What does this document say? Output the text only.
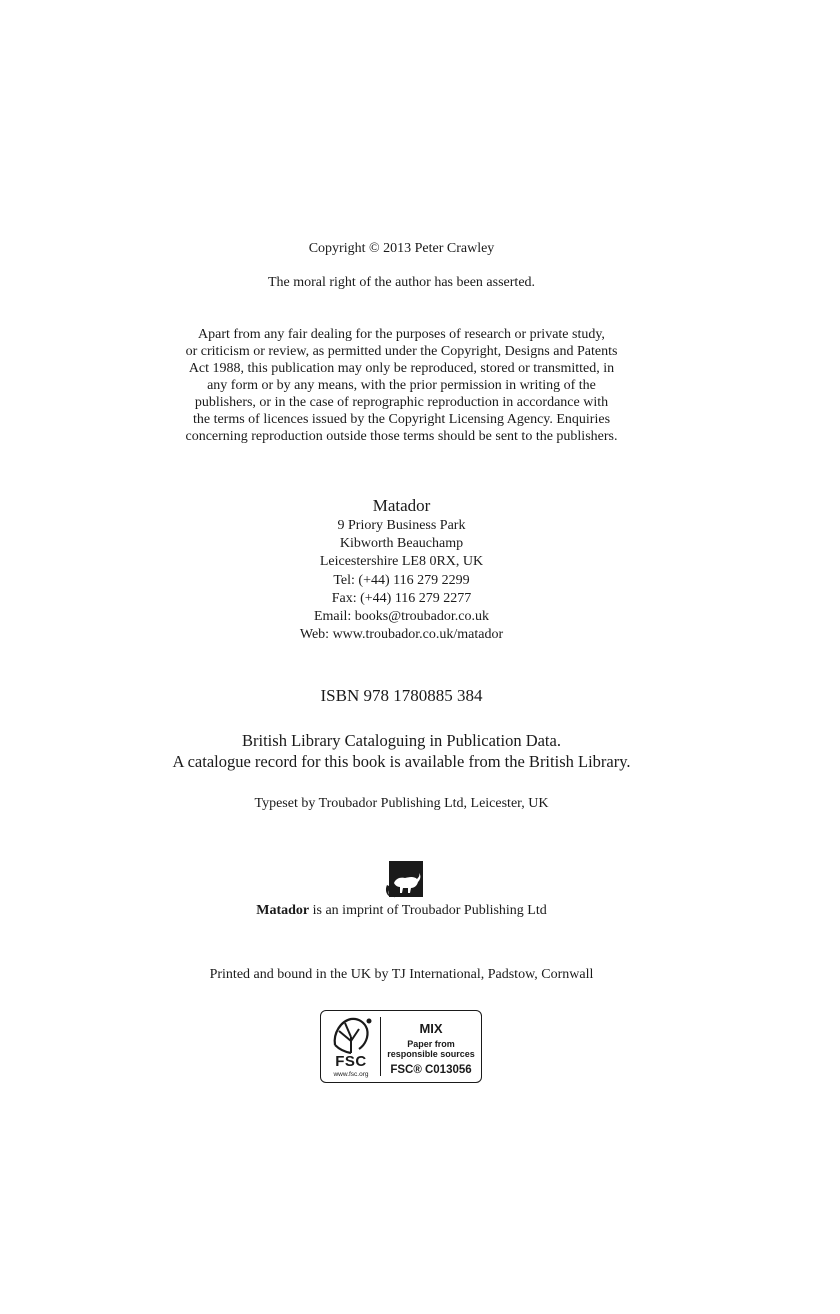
Copyright © 2013 Peter Crawley
The moral right of the author has been asserted.
Apart from any fair dealing for the purposes of research or private study,
or criticism or review, as permitted under the Copyright, Designs and Patents
Act 1988, this publication may only be reproduced, stored or transmitted, in
any form or by any means, with the prior permission in writing of the
publishers, or in the case of reprographic reproduction in accordance with
the terms of licences issued by the Copyright Licensing Agency. Enquiries
concerning reproduction outside those terms should be sent to the publishers.
Matador
9 Priory Business Park
Kibworth Beauchamp
Leicestershire LE8 0RX, UK
Tel: (+44) 116 279 2299
Fax: (+44) 116 279 2277
Email: books@troubador.co.uk
Web: www.troubador.co.uk/matador
ISBN 978 1780885 384
British Library Cataloguing in Publication Data.
A catalogue record for this book is available from the British Library.
Typeset by Troubador Publishing Ltd, Leicester, UK
Matador is an imprint of Troubador Publishing Ltd
Printed and bound in the UK by TJ International, Padstow, Cornwall
FSC
www.fsc.org
MIX
Paper from
responsible sources
FSC® C013056
